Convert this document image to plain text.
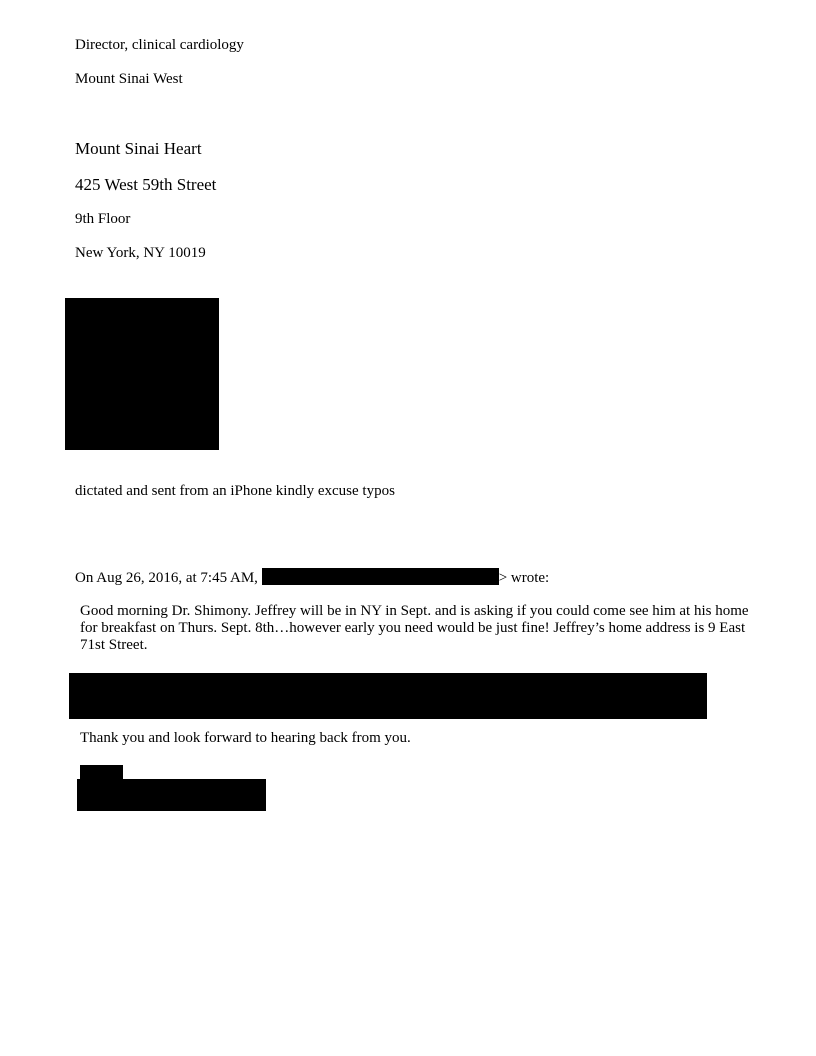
Director, clinical cardiology
Mount Sinai West
Mount Sinai Heart
425 West 59th Street
9th Floor
New York, NY 10019
dictated and sent from an iPhone kindly excuse typos
On Aug 26, 2016, at 7:45 AM,	> wrote:
Good morning Dr. Shimony. Jeffrey will be in NY in Sept. and is asking if you could come see him at his home for breakfast on Thurs. Sept. 8th…however early you need would be just fine! Jeffrey’s home address is 9 East 71st Street.
Thank you and look forward to hearing back from you.
